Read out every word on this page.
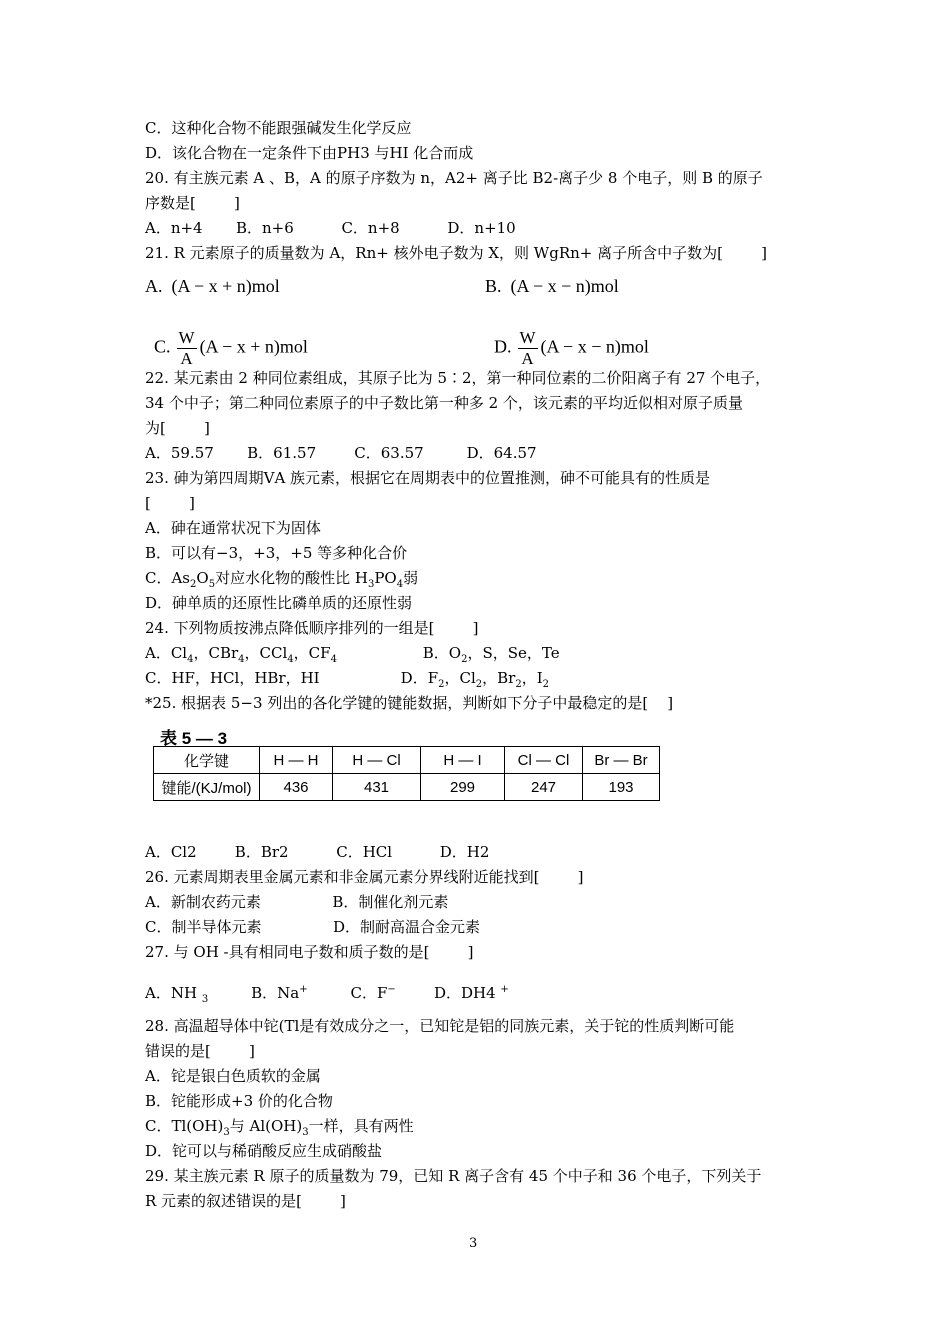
C．这种化合物不能跟强碱发生化学反应
D．该化合物在一定条件下由PH3 与HI 化合而成
20. 有主族元素 A 、B，A 的原子序数为 n，A2+ 离子比 B2-离子少 8 个电子，则 B 的原子
序数是[        ]
A．n+4       B．n+6          C．n+8          D．n+10
21. R 元素原子的质量数为 A，Rn+ 核外电子数为 X，则 WgRn+ 离子所含中子数为[        ]
A.  (A − x + n)mol	B.  (A − x − n)mol

C. $\frac{W}{A} (A - x + n)mol$	D. $\frac{W}{A} (A - x - n)mol$

22. 某元素由 2 种同位素组成，其原子比为 5∶2，第一种同位素的二价阳离子有 27 个电子，
34 个中子；第二种同位素原子的中子数比第一种多 2 个，该元素的平均近似相对原子质量
为[        ]
A．59.57       B．61.57        C．63.57         D．64.57
23. 砷为第四周期ⅤA 族元素，根据它在周期表中的位置推测，砷不可能具有的性质是
[        ]
A．砷在通常状况下为固体
B．可以有−3，+3，+5 等多种化合价
C．$As_2O_5$对应水化物的酸性比 $H_3PO_4$弱
D．砷单质的还原性比磷单质的还原性弱
24. 下列物质按沸点降低顺序排列的一组是[        ]
A．$Cl_4$，CBr$_4$，CCl$_4$，$CF_4$	B．$O_2$，S，Se，Te
C．HF，HCl，HBr，HI	D．$F_2$，$Cl_2$，$Br_2$，$I_2$
*25. 根据表 5−3 列出的各化学键的键能数据，判断如下分子中最稳定的是[    ]
表 5 — 3
化学键	H — H	H — Cl	H — I	Cl — Cl	Br — Br
键能/(KJ/mol)	436	431	299	247	193
A．Cl2        B．Br2          C．HCl          D．H2
26. 元素周期表里金属元素和非金属元素分界线附近能找到[        ]
A．新制农药元素               B．制催化剂元素
C．制半导体元素               D．制耐高温合金元素
27. 与 OH -具有相同电子数和质子数的是[        ]
A．NH $_3$         B．Na+         C．F−        D．DH4 +
28. 高温超导体中铊(Tl是有效成分之一，已知铊是铝的同族元素，关于铊的性质判断可能
错误的是[        ]
A．铊是银白色质软的金属
B．铊能形成+3 价的化合物
C．$Tl(OH)_3$与 $Al(OH)_3$一样，具有两性
D．铊可以与稀硝酸反应生成硝酸盐
29. 某主族元素 R 原子的质量数为 79，已知 R 离子含有 45 个中子和 36 个电子，下列关于
R 元素的叙述错误的是[        ]
3
